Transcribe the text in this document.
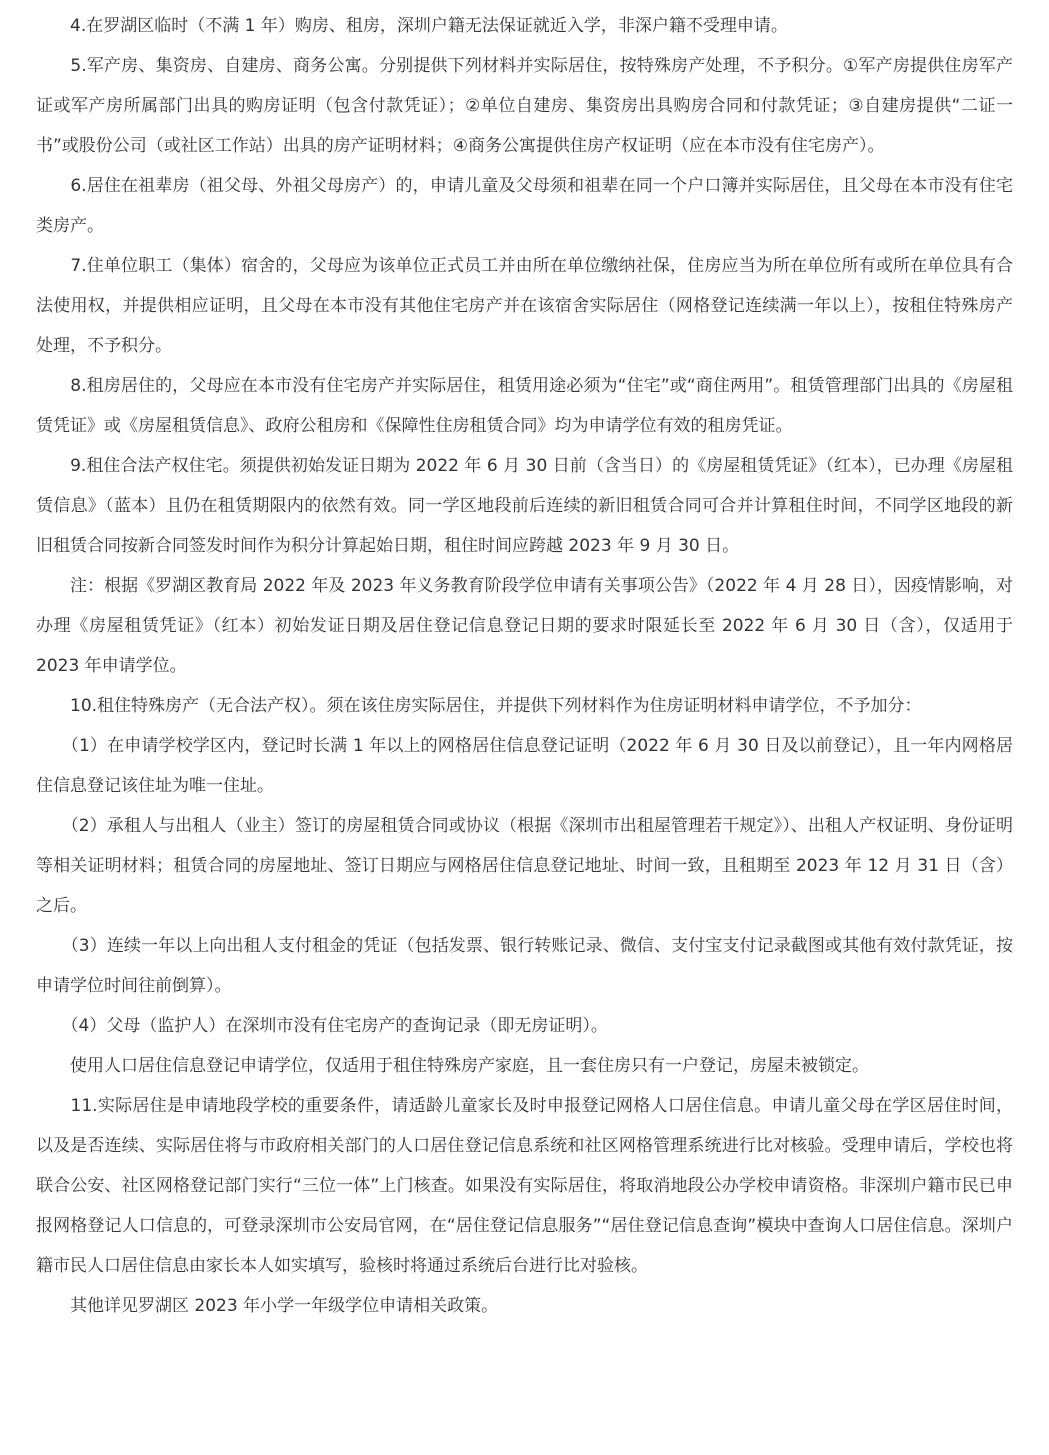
　　4.在罗湖区临时（不满 1 年）购房、租房，深圳户籍无法保证就近入学，非深户籍不受理申请。

　　5.军产房、集资房、自建房、商务公寓。分别提供下列材料并实际居住，按特殊房产处理，不予积分。①军产房提供住房军产证或军产房所属部门出具的购房证明（包含付款凭证）；②单位自建房、集资房出具购房合同和付款凭证；③自建房提供“二证一书”或股份公司（或社区工作站）出具的房产证明材料；④商务公寓提供住房产权证明（应在本市没有住宅房产）。

　　6.居住在祖辈房（祖父母、外祖父母房产）的，申请儿童及父母须和祖辈在同一个户口簿并实际居住，且父母在本市没有住宅类房产。

　　7.住单位职工（集体）宿舍的，父母应为该单位正式员工并由所在单位缴纳社保，住房应当为所在单位所有或所在单位具有合法使用权，并提供相应证明，且父母在本市没有其他住宅房产并在该宿舍实际居住（网格登记连续满一年以上），按租住特殊房产处理，不予积分。

　　8.租房居住的，父母应在本市没有住宅房产并实际居住，租赁用途必须为“住宅”或“商住两用”。租赁管理部门出具的《房屋租赁凭证》或《房屋租赁信息》、政府公租房和《保障性住房租赁合同》均为申请学位有效的租房凭证。

　　9.租住合法产权住宅。须提供初始发证日期为 2022 年 6 月 30 日前（含当日）的《房屋租赁凭证》（红本），已办理《房屋租赁信息》（蓝本）且仍在租赁期限内的依然有效。同一学区地段前后连续的新旧租赁合同可合并计算租住时间，不同学区地段的新旧租赁合同按新合同签发时间作为积分计算起始日期，租住时间应跨越 2023 年 9 月 30 日。

　　注：根据《罗湖区教育局 2022 年及 2023 年义务教育阶段学位申请有关事项公告》（2022 年 4 月 28 日），因疫情影响，对办理《房屋租赁凭证》（红本）初始发证日期及居住登记信息登记日期的要求时限延长至 2022 年 6 月 30 日（含），仅适用于 2023 年申请学位。

　　10.租住特殊房产（无合法产权）。须在该住房实际居住，并提供下列材料作为住房证明材料申请学位，不予加分：

　　（1）在申请学校学区内，登记时长满 1 年以上的网格居住信息登记证明（2022 年 6 月 30 日及以前登记），且一年内网格居住信息登记该住址为唯一住址。

　　（2）承租人与出租人（业主）签订的房屋租赁合同或协议（根据《深圳市出租屋管理若干规定》）、出租人产权证明、身份证明等相关证明材料；租赁合同的房屋地址、签订日期应与网格居住信息登记地址、时间一致，且租期至 2023 年 12 月 31 日（含）之后。

　　（3）连续一年以上向出租人支付租金的凭证（包括发票、银行转账记录、微信、支付宝支付记录截图或其他有效付款凭证，按申请学位时间往前倒算）。

　　（4）父母（监护人）在深圳市没有住宅房产的查询记录（即无房证明）。

　　使用人口居住信息登记申请学位，仅适用于租住特殊房产家庭，且一套住房只有一户登记，房屋未被锁定。

　　11.实际居住是申请地段学校的重要条件，请适龄儿童家长及时申报登记网格人口居住信息。申请儿童父母在学区居住时间，以及是否连续、实际居住将与市政府相关部门的人口居住登记信息系统和社区网格管理系统进行比对核验。受理申请后，学校也将联合公安、社区网格登记部门实行“三位一体”上门核查。如果没有实际居住，将取消地段公办学校申请资格。非深圳户籍市民已申报网格登记人口信息的，可登录深圳市公安局官网，在“居住登记信息服务”“居住登记信息查询”模块中查询人口居住信息。深圳户籍市民人口居住信息由家长本人如实填写，验核时将通过系统后台进行比对验核。

　　其他详见罗湖区 2023 年小学一年级学位申请相关政策。
